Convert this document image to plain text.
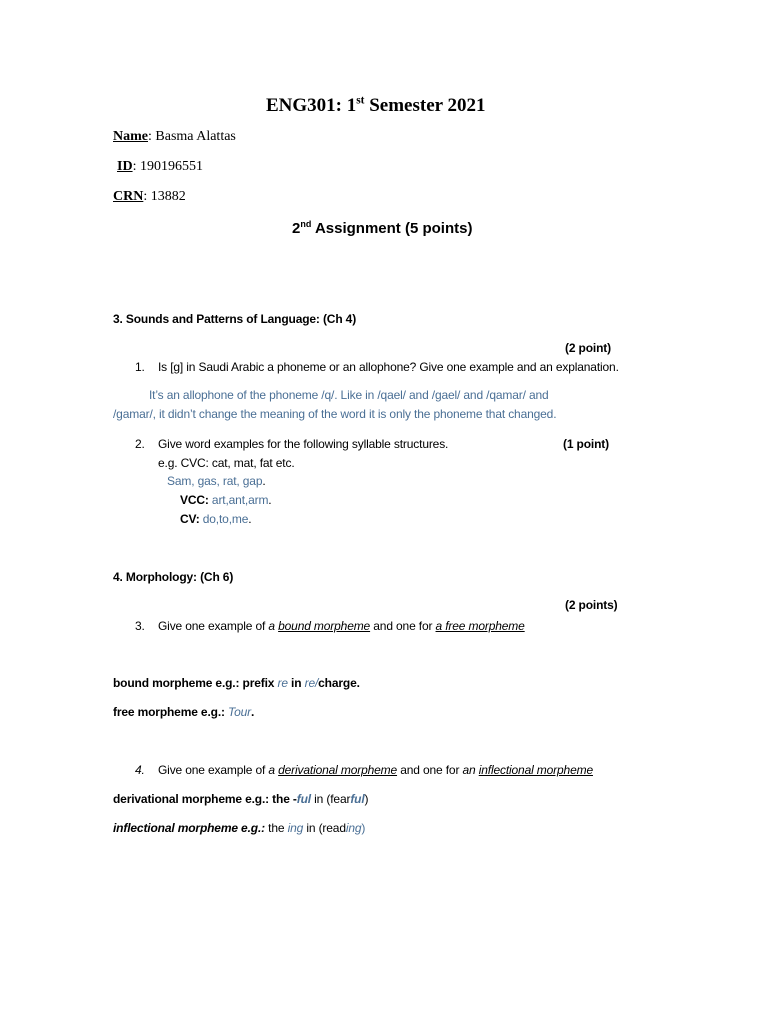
ENG301: 1st Semester 2021
Name: Basma Alattas
ID: 190196551
CRN: 13882
2nd Assignment (5 points)
3. Sounds and Patterns of Language: (Ch 4)
(2 point)
1. Is [g] in Saudi Arabic a phoneme or an allophone? Give one example and an explanation.
It’s an allophone of the phoneme /q/. Like in /qael/ and /gael/ and /qamar/ and
/gamar/, it didn’t change the meaning of the word it is only the phoneme that changed.
2. Give word examples for the following syllable structures.	(1 point)
e.g. CVC: cat, mat, fat etc.
Sam, gas, rat, gap.
VCC: art,ant,arm.
CV: do,to,me.
4. Morphology: (Ch 6)
(2 points)
3. Give one example of a bound morpheme and one for a free morpheme
bound morpheme e.g.: prefix re in re/charge.
free morpheme e.g.: Tour.
4. Give one example of a derivational morpheme and one for an inflectional morpheme
derivational morpheme e.g.: the -ful in (fearful)
inflectional morpheme e.g.: the ing in (reading)
